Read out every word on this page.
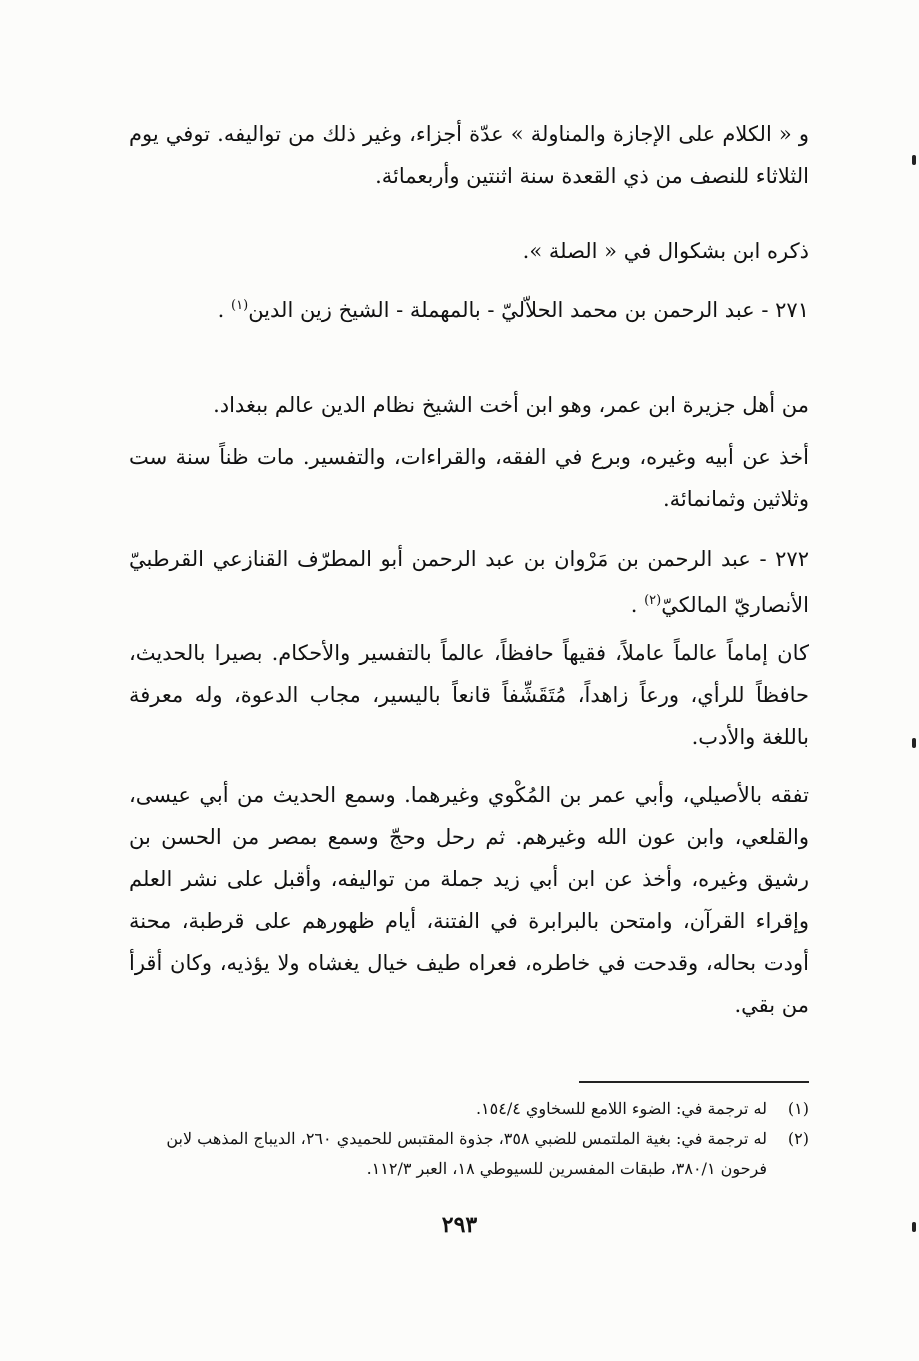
و « الكلام على الإجازة والمناولة » عدّة أجزاء، وغير ذلك من تواليفه. توفي يوم الثلاثاء للنصف من ذي القعدة سنة اثنتين وأربعمائة.

ذكره ابن بشكوال في « الصلة ».

٢٧١ - عبد الرحمن بن محمد الحلاّليّ - بالمهملة - الشيخ زين الدين$^{(١)}$ .

من أهل جزيرة ابن عمر، وهو ابن أخت الشيخ نظام الدين عالم ببغداد.

أخذ عن أبيه وغيره، وبرع في الفقه، والقراءات، والتفسير. مات ظناً سنة ست وثلاثين وثمانمائة.

٢٧٢ - عبد الرحمن بن مَرْوان بن عبد الرحمن أبو المطرّف القنازعي القرطبيّ الأنصاريّ المالكيّ$^{(٢)}$ .

كان إماماً عالماً عاملاً، فقيهاً حافظاً، عالماً بالتفسير والأحكام. بصيرا بالحديث، حافظاً للرأي، ورعاً زاهداً، مُتَقَشِّفاً قانعاً باليسير، مجاب الدعوة، وله معرفة باللغة والأدب.

تفقه بالأصيلي، وأبي عمر بن المُكْوي وغيرهما. وسمع الحديث من أبي عيسى، والقلعي، وابن عون الله وغيرهم. ثم رحل وحجّ وسمع بمصر من الحسن بن رشيق وغيره، وأخذ عن ابن أبي زيد جملة من تواليفه، وأقبل على نشر العلم وإقراء القرآن، وامتحن بالبرابرة في الفتنة، أيام ظهورهم على قرطبة، محنة أودت بحاله، وقدحت في خاطره، فعراه طيف خيال يغشاه ولا يؤذيه، وكان أقرأ من بقي.

(١)
له ترجمة في: الضوء اللامع للسخاوي ١٥٤/٤.
(٢)
له ترجمة في: بغية الملتمس للضبي ٣٥٨، جذوة المقتبس للحميدي ٢٦٠، الديباج المذهب لابن فرحون ٣٨٠/١، طبقات المفسرين للسيوطي ١٨، العبر ١١٢/٣.
٢٩٣
